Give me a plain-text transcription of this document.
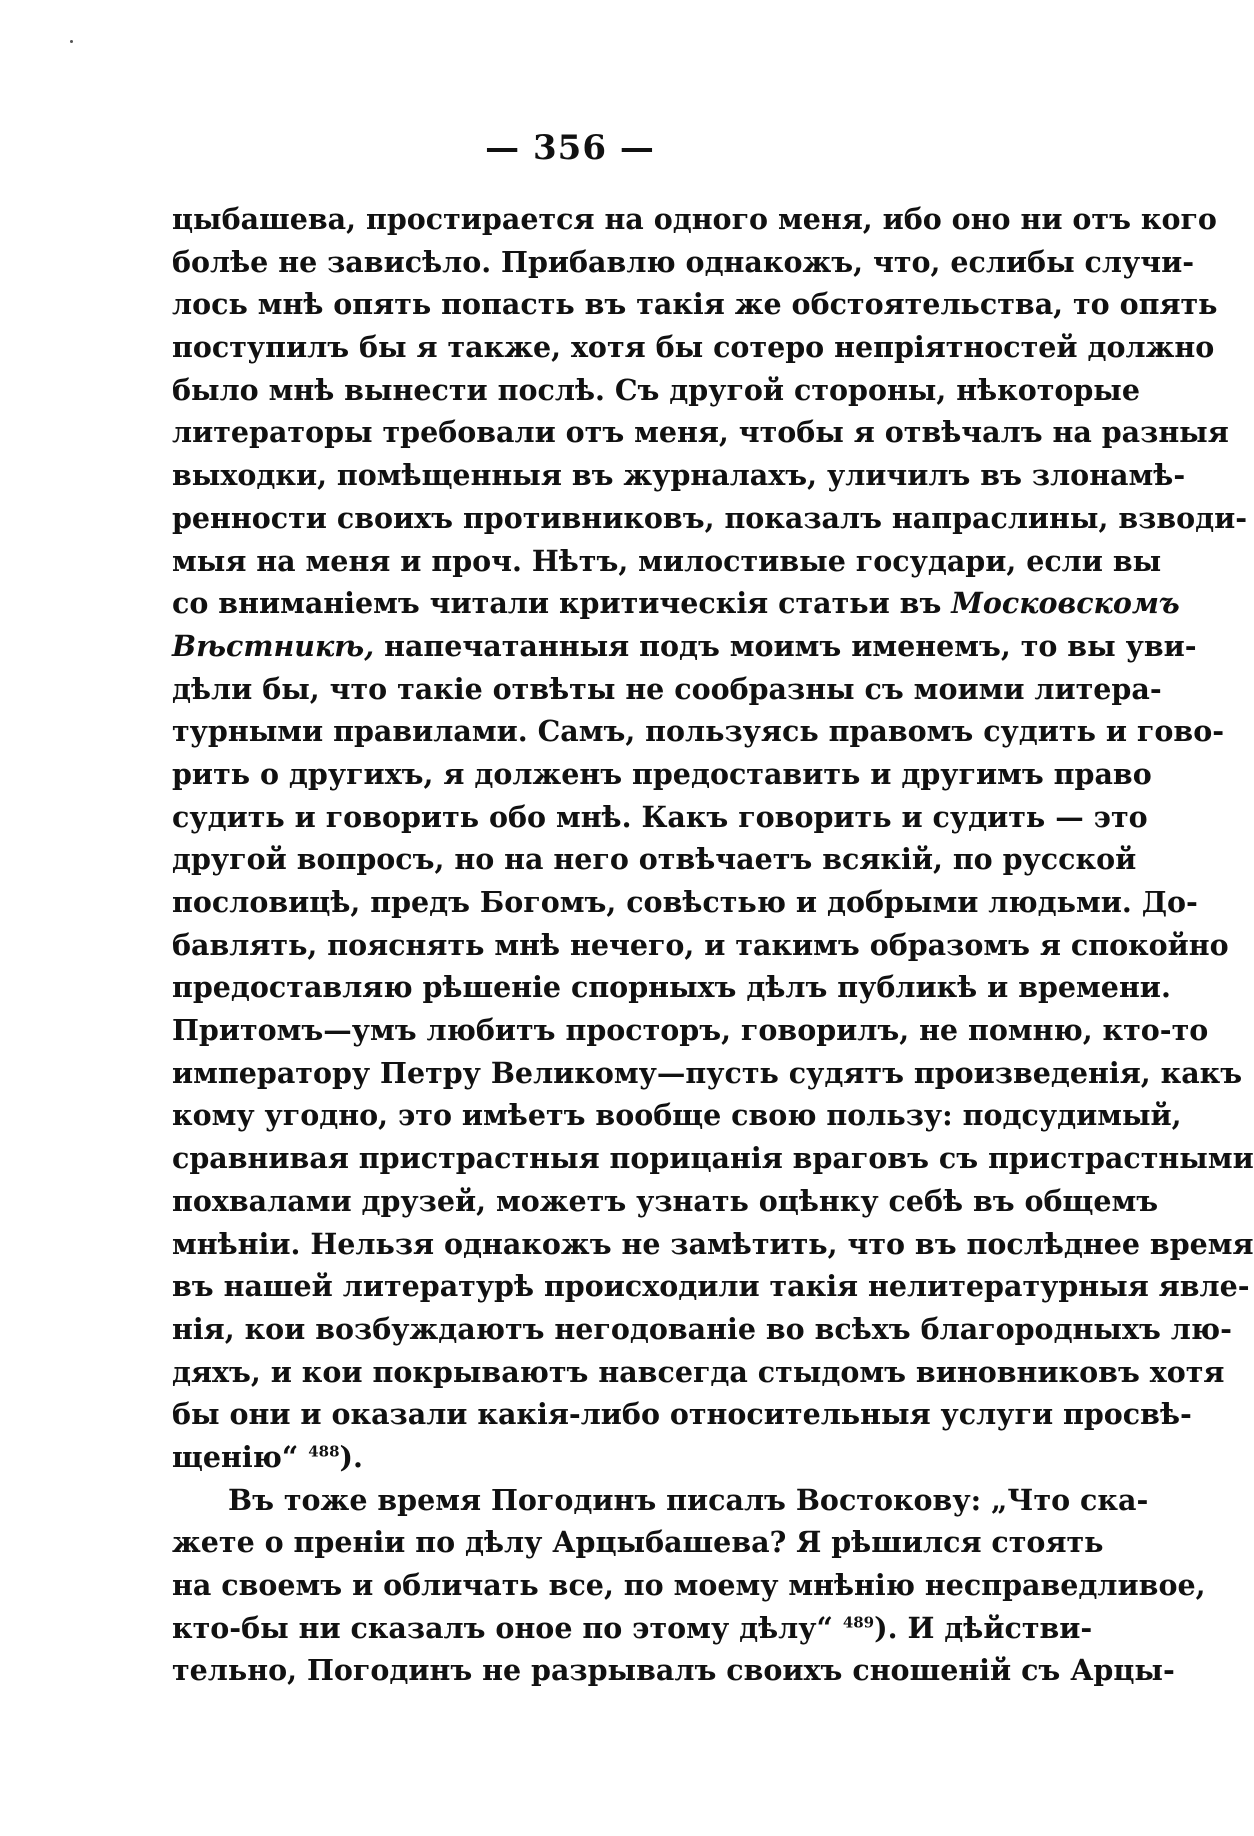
— 356 —
цыбашева, простирается на одного меня, ибо оно ни отъ кого
болѣе не зависѣло. Прибавлю однакожъ, что, еслибы случи-
лось мнѣ опять попасть въ такія же обстоятельства, то опять
поступилъ бы я также, хотя бы сотеро непріятностей должно
было мнѣ вынести послѣ. Съ другой стороны, нѣкоторые
литераторы требовали отъ меня, чтобы я отвѣчалъ на разныя
выходки, помѣщенныя въ журналахъ, уличилъ въ злонамѣ-
ренности своихъ противниковъ, показалъ напраслины, взводи-
мыя на меня и проч. Нѣтъ, милостивые государи, если вы
со вниманіемъ читали критическія статьи въ Московскомъ
Вѣстникѣ, напечатанныя подъ моимъ именемъ, то вы уви-
дѣли бы, что такіе отвѣты не сообразны съ моими литера-
турными правилами. Самъ, пользуясь правомъ судить и гово-
рить о другихъ, я долженъ предоставить и другимъ право
судить и говорить обо мнѣ. Какъ говорить и судить — это
другой вопросъ, но на него отвѣчаетъ всякій, по русской
пословицѣ, предъ Богомъ, совѣстью и добрыми людьми. До-
бавлять, пояснять мнѣ нечего, и такимъ образомъ я спокойно
предоставляю рѣшеніе спорныхъ дѣлъ публикѣ и времени.
Притомъ—умъ любитъ просторъ, говорилъ, не помню, кто-то
императору Петру Великому—пусть судятъ произведенія, какъ
кому угодно, это имѣетъ вообще свою пользу: подсудимый,
сравнивая пристрастныя порицанія враговъ съ пристрастными
похвалами друзей, можетъ узнать оцѣнку себѣ въ общемъ
мнѣніи. Нельзя однакожъ не замѣтить, что въ послѣднее время
въ нашей литературѣ происходили такія нелитературныя явле-
нія, кои возбуждаютъ негодованіе во всѣхъ благородныхъ лю-
дяхъ, и кои покрываютъ навсегда стыдомъ виновниковъ хотя
бы они и оказали какія-либо относительныя услуги просвѣ-
щенію“ $^{488}$).
Въ тоже время Погодинъ писалъ Востокову: „Что ска-
жете о преніи по дѣлу Арцыбашева? Я рѣшился стоять
на своемъ и обличать все, по моему мнѣнію несправедливое,
кто-бы ни сказалъ оное по этому дѣлу“ $^{489}$). И дѣйстви-
тельно, Погодинъ не разрывалъ своихъ сношеній съ Арцы-
